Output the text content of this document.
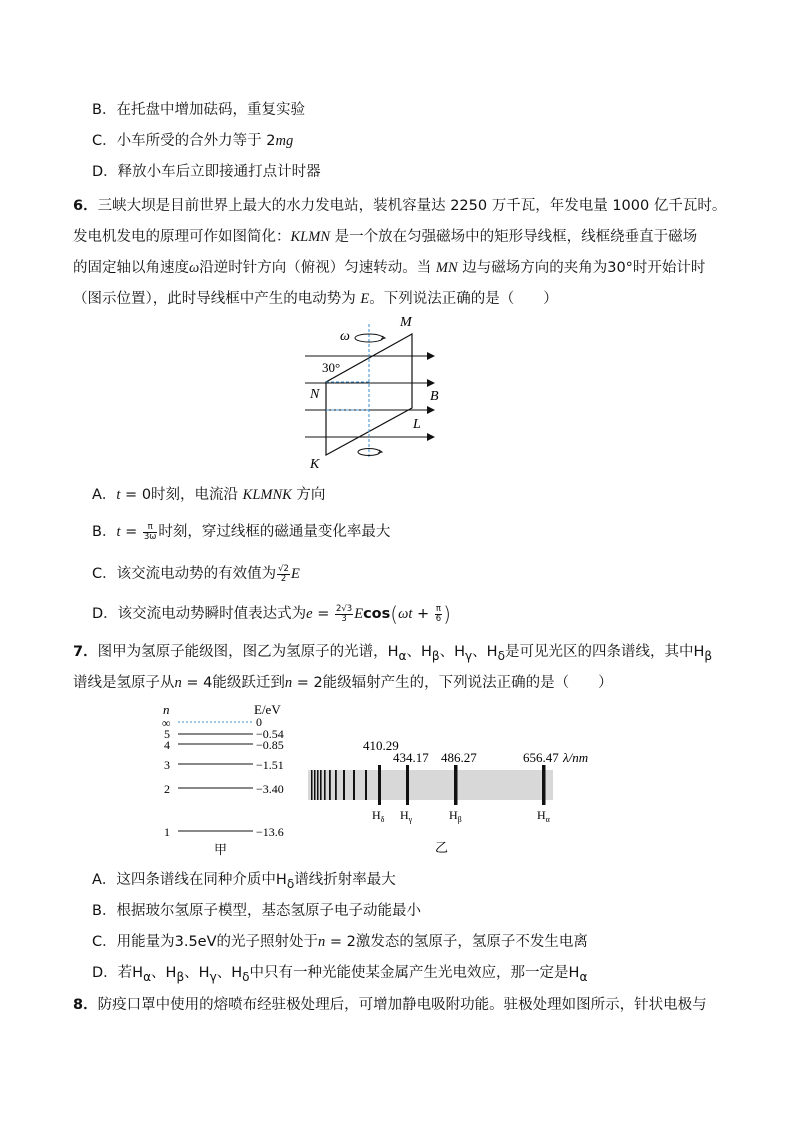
B．在托盘中增加砝码，重复实验
C．小车所受的合外力等于 2mg
D．释放小车后立即接通打点计时器
6．三峡大坝是目前世界上最大的水力发电站，装机容量达 2250 万千瓦，年发电量 1000 亿千瓦时。
发电机发电的原理可作如图简化：KLMN 是一个放在匀强磁场中的矩形导线框，线框绕垂直于磁场
的固定轴以角速度ω沿逆时针方向（俯视）匀速转动。当 MN 边与磁场方向的夹角为30°时开始计时
（图示位置），此时导线框中产生的电动势为 E。下列说法正确的是（　　）
ω
M
30°
N	B
L
K
A．t = 0时刻，电流沿 KLMNK 方向
B．$t = \frac{\pi}{3\omega}$ 时刻，穿过线框的磁通量变化率最大
C．该交流电动势的有效值为 $\frac{√2}{2}$ E
D．该交流电动势瞬时值表达式为$e = \frac{2√3}{3} Ecos(\omega t + \frac{\pi}{6}$ )
7．图甲为氢原子能级图，图乙为氢原子的光谱，$H_\alpha$、$H_\beta$、$H_\gamma$、$H_\delta$是可见光区的四条谱线，其中$H_\beta$
谱线是氢原子从n = 4能级跃迁到n = 2能级辐射产生的，下列说法正确的是（　　）
n	E/eV
∞	0
5	−0.54
4	−0.85
3	−1.51
2	−3.40
1	−13.6
甲
410.29
434.17 486.27	656.47 λ/nm
$H_\delta$ $H_\gamma$	$H_\beta$	$H_\alpha$
乙
A．这四条谱线在同种介质中$H_\delta$谱线折射率最大
B．根据玻尔氢原子模型，基态氢原子电子动能最小
C．用能量为3.5eV的光子照射处于n = 2激发态的氢原子，氢原子不发生电离
D．若$H_\alpha$、$H_\beta$、$H_\gamma$、$H_\delta$中只有一种光能使某金属产生光电效应，那一定是$H_\alpha$
8．防疫口罩中使用的熔喷布经驻极处理后，可增加静电吸附功能。驻极处理如图所示，针状电极与
